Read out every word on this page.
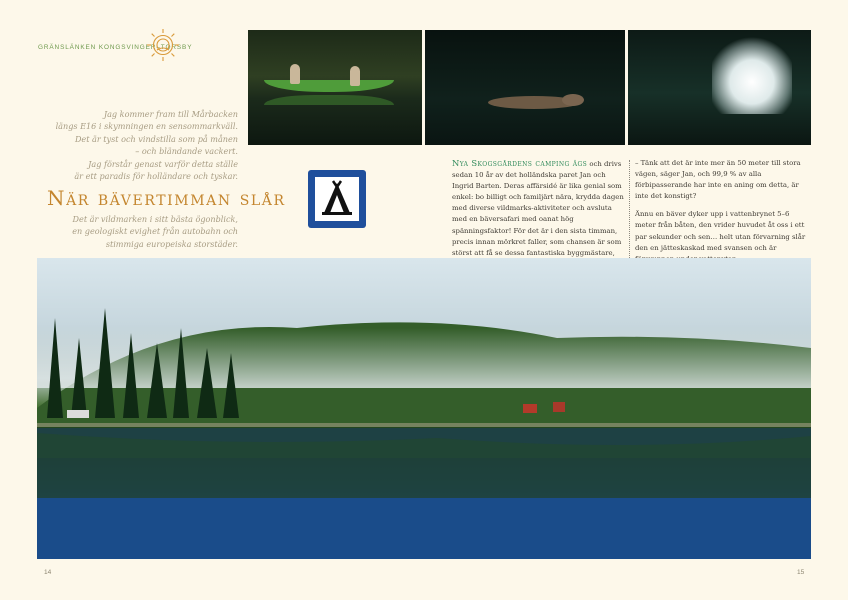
GRÄNSLÄNKEN KONGSVINGER–TORSBY
Jag kommer fram till Mårbacken
längs E16 i skymningen en sensommarkväll.
Det är tyst och vindstilla som på månen
– och bländande vackert.
Jag förstår genast varför detta ställe
är ett paradis för holländare och tyskar.
När bävertimman slår
Det är vildmarken i sitt bästa ögonblick,
en geologiskt evighet från autobahn och
stimmiga europeiska storstäder.

Nya Skogsgårdens camping ägs och drivs sedan 10 år av det holländska paret Jan och Ingrid Barten. Deras affärsidé är lika genial som enkel: bo billigt och familjärt nära, krydda dagen med diverse vildmarks-aktiviteter och avsluta med en bäversafari med oanat hög spänningsfaktor! För det är i den sista timman, precis innan mörkret faller, som chansen är som störst att få se dessa fantastiska byggmästare,

– Tänk att det är inte mer än 50 meter till stora vägen, säger Jan, och 99,9 % av alla förbipasserande har inte en aning om detta, är inte det konstigt?

Ännu en bäver dyker upp i vattenbrynet 5–6 meter från båten, den vrider huvudet åt oss i ett par sekunder och sen… helt utan förvarning slår den en jätteskaskad med svansen och är

14	15
